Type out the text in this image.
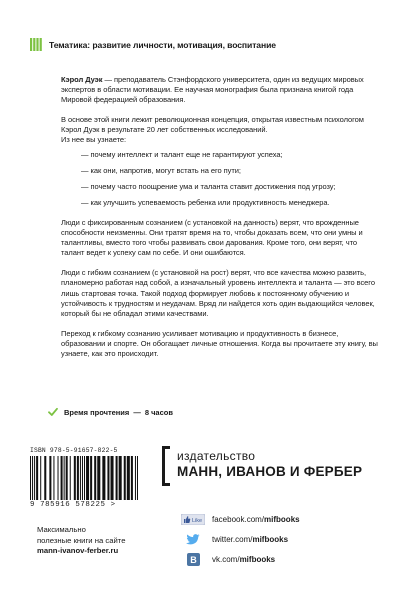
Тематика: развитие личности, мотивация, воспитание

Кэрол Дуэк — преподаватель Стэнфордского университета, один из ведущих мировых экспертов в области мотивации. Ее научная монография была признана книгой года Мировой федерацией образования.

В основе этой книги лежит революционная концепция, открытая известным психологом Кэрол Дуэк в результате 20 лет собственных исследований.
Из нее вы узнаете:

— почему интеллект и талант еще не гарантируют успеха;
— как они, напротив, могут встать на его пути;
— почему часто поощрение ума и таланта ставит достижения под угрозу;
— как улучшить успеваемость ребенка или продуктивность менеджера.

Люди с фиксированным сознанием (с установкой на данность) верят, что врожденные способности неизменны. Они тратят время на то, чтобы доказать всем, что они умны и талантливы, вместо того чтобы развивать свои дарования. Кроме того, они верят, что талант ведет к успеху сам по себе. И они ошибаются.

Люди с гибким сознанием (с установкой на рост) верят, что все качества можно развить, планомерно работая над собой, а изначальный уровень интеллекта и таланта — это всего лишь стартовая точка. Такой подход формирует любовь к постоянному обучению и устойчивость к трудностям и неудачам. Вряд ли найдется хоть один выдающийся человек, который бы не обладал этими качествами.

Переход к гибкому сознанию усиливает мотивацию и продуктивность в бизнесе, образовании и спорте. Он обогащает личные отношения. Когда вы прочитаете эту книгу, вы узнаете, как это происходит.

Время прочтения — 8 часов
ISBN 978-5-91657-822-5
9 785916 578225 >
издательство
МАНН, ИВАНОВ И ФЕРБЕР
Максимально
полезные книги на сайте
mann-ivanov-ferber.ru
Like facebook.com/mifbooks
twitter.com/mifbooks
В vk.com/mifbooks
